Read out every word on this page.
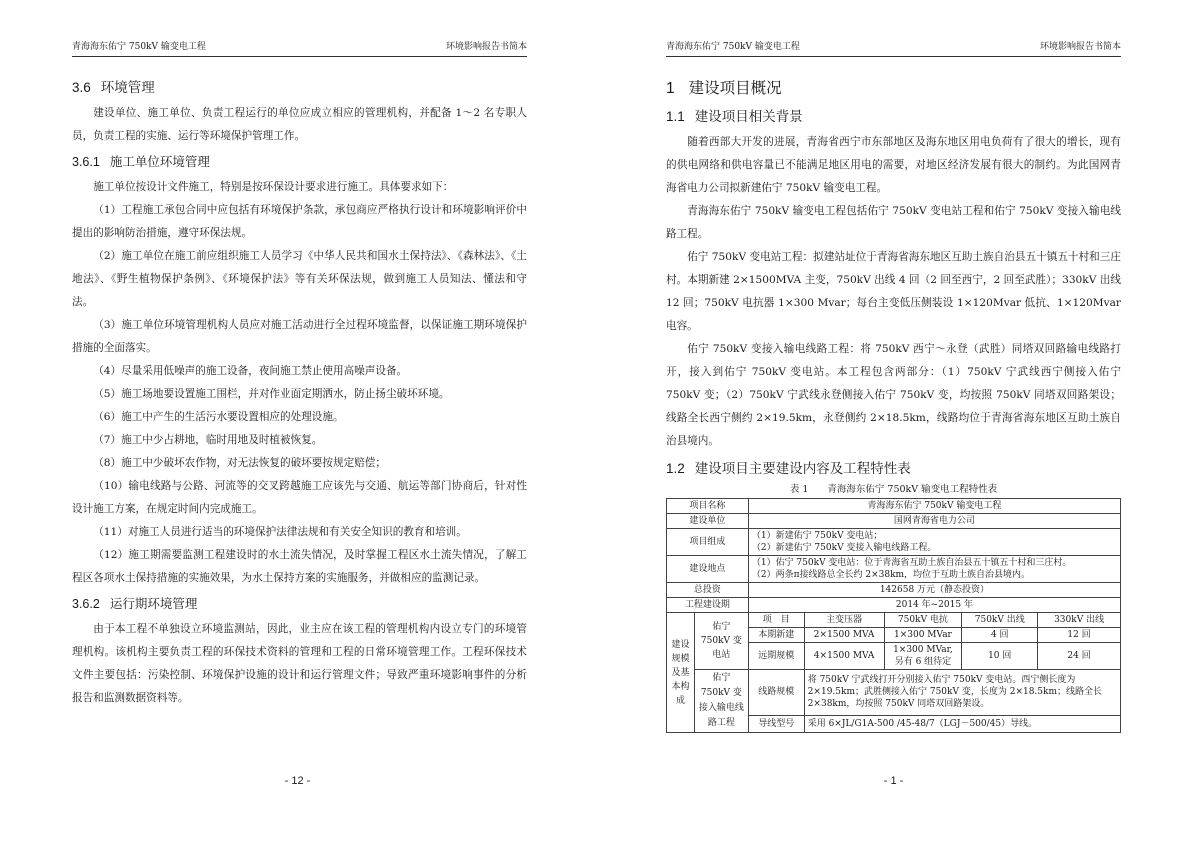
青海海东佑宁 750kV 输变电工程	环境影响报告书简本
3.6 环境管理

建设单位、施工单位、负责工程运行的单位应成立相应的管理机构，并配备 1～2 名专职人员，负责工程的实施、运行等环境保护管理工作。

3.6.1 施工单位环境管理

施工单位按设计文件施工，特别是按环保设计要求进行施工。具体要求如下：

（1）工程施工承包合同中应包括有环境保护条款，承包商应严格执行设计和环境影响评价中提出的影响防治措施，遵守环保法规。

（2）施工单位在施工前应组织施工人员学习《中华人民共和国水土保持法》、《森林法》、《土地法》、《野生植物保护条例》、《环境保护法》等有关环保法规，做到施工人员知法、懂法和守法。

（3）施工单位环境管理机构人员应对施工活动进行全过程环境监督，以保证施工期环境保护措施的全面落实。

（4）尽量采用低噪声的施工设备，夜间施工禁止使用高噪声设备。

（5）施工场地要设置施工围栏，并对作业面定期洒水，防止扬尘破坏环境。

（6）施工中产生的生活污水要设置相应的处理设施。

（7）施工中少占耕地，临时用地及时植被恢复。

（8）施工中少破坏农作物，对无法恢复的破坏要按规定赔偿；

（10）输电线路与公路、河流等的交叉跨越施工应该先与交通、航运等部门协商后，针对性设计施工方案，在规定时间内完成施工。

（11）对施工人员进行适当的环境保护法律法规和有关安全知识的教育和培训。

（12）施工期需要监测工程建设时的水土流失情况，及时掌握工程区水土流失情况，了解工程区各项水土保持措施的实施效果，为水土保持方案的实施服务，并做相应的监测记录。

3.6.2 运行期环境管理

由于本工程不单独设立环境监测站，因此，业主应在该工程的管理机构内设立专门的环境管理机构。该机构主要负责工程的环保技术资料的管理和工程的日常环境管理工作。工程环保技术文件主要包括：污染控制、环境保护设施的设计和运行管理文件；导致严重环境影响事件的分析报告和监测数据资料等。

- 12 -
青海海东佑宁 750kV 输变电工程	环境影响报告书简本
1 建设项目概况
1.1 建设项目相关背景

随着西部大开发的进展，青海省西宁市东部地区及海东地区用电负荷有了很大的增长，现有的供电网络和供电容量已不能满足地区用电的需要，对地区经济发展有很大的制约。为此国网青海省电力公司拟新建佑宁 750kV 输变电工程。

青海海东佑宁 750kV 输变电工程包括佑宁 750kV 变电站工程和佑宁 750kV 变接入输电线路工程。

佑宁 750kV 变电站工程：拟建站址位于青海省海东地区互助土族自治县五十镇五十村和三庄村。本期新建 2×1500MVA 主变，750kV 出线 4 回（2 回至西宁，2 回至武胜）；330kV 出线 12 回；750kV 电抗器 1×300 Mvar；每台主变低压侧装设 1×120Mvar 低抗、1×120Mvar 电容。

佑宁 750kV 变接入输电线路工程：将 750kV 西宁～永登（武胜）同塔双回路输电线路打开，接入到佑宁 750kV 变电站。本工程包含两部分：（1）750kV 宁武线西宁侧接入佑宁 750kV 变；（2）750kV 宁武线永登侧接入佑宁 750kV 变，均按照 750kV 同塔双回路架设；线路全长西宁侧约 2×19.5km，永登侧约 2×18.5km，线路均位于青海省海东地区互助土族自治县境内。

1.2 建设项目主要建设内容及工程特性表
表 1　　青海海东佑宁 750kV 输变电工程特性表
项目名称		青海海东佑宁 750kV 输变电工程				
建设单位		国网青海省电力公司				
项目组成		（1）新建佑宁 750kV 变电站；
（2）新建佑宁 750kV 变接入输电线路工程。				

建设地点		（1）佑宁 750kV 变电站：位于青海省互助土族自治县五十镇五十村和三庄村。
（2）两条π接线路总全长约 2×38km，均位于互助土族自治县境内。				

总投资		142658 万元（静态投资）				
工程建设期		2014 年~2015 年				
建设规模及基本构成	佑宁 750kV 变电站	项　目	主变压器	750kV 电抗	750kV 出线	330kV 出线
		本期新建	2×1500 MVA	1×300 MVar	4 回	12 回
		远期规模	4×1500 MVA	1×300 MVar,
另有 6 组待定	10 回	24 回
	佑宁 750kV 变接入输电线路工程	线路规模	将 750kV 宁武线打开分别接入佑宁 750kV 变电站。西宁侧长度为 2×19.5km；武胜侧接入佑宁 750kV 变，长度为 2×18.5km；线路全长 2×38km，均按照 750kV 同塔双回路架设。			
		导线型号	采用 6×JL/G1A-500 /45-48/7（LGJ－500/45）导线。			
- 1 -
